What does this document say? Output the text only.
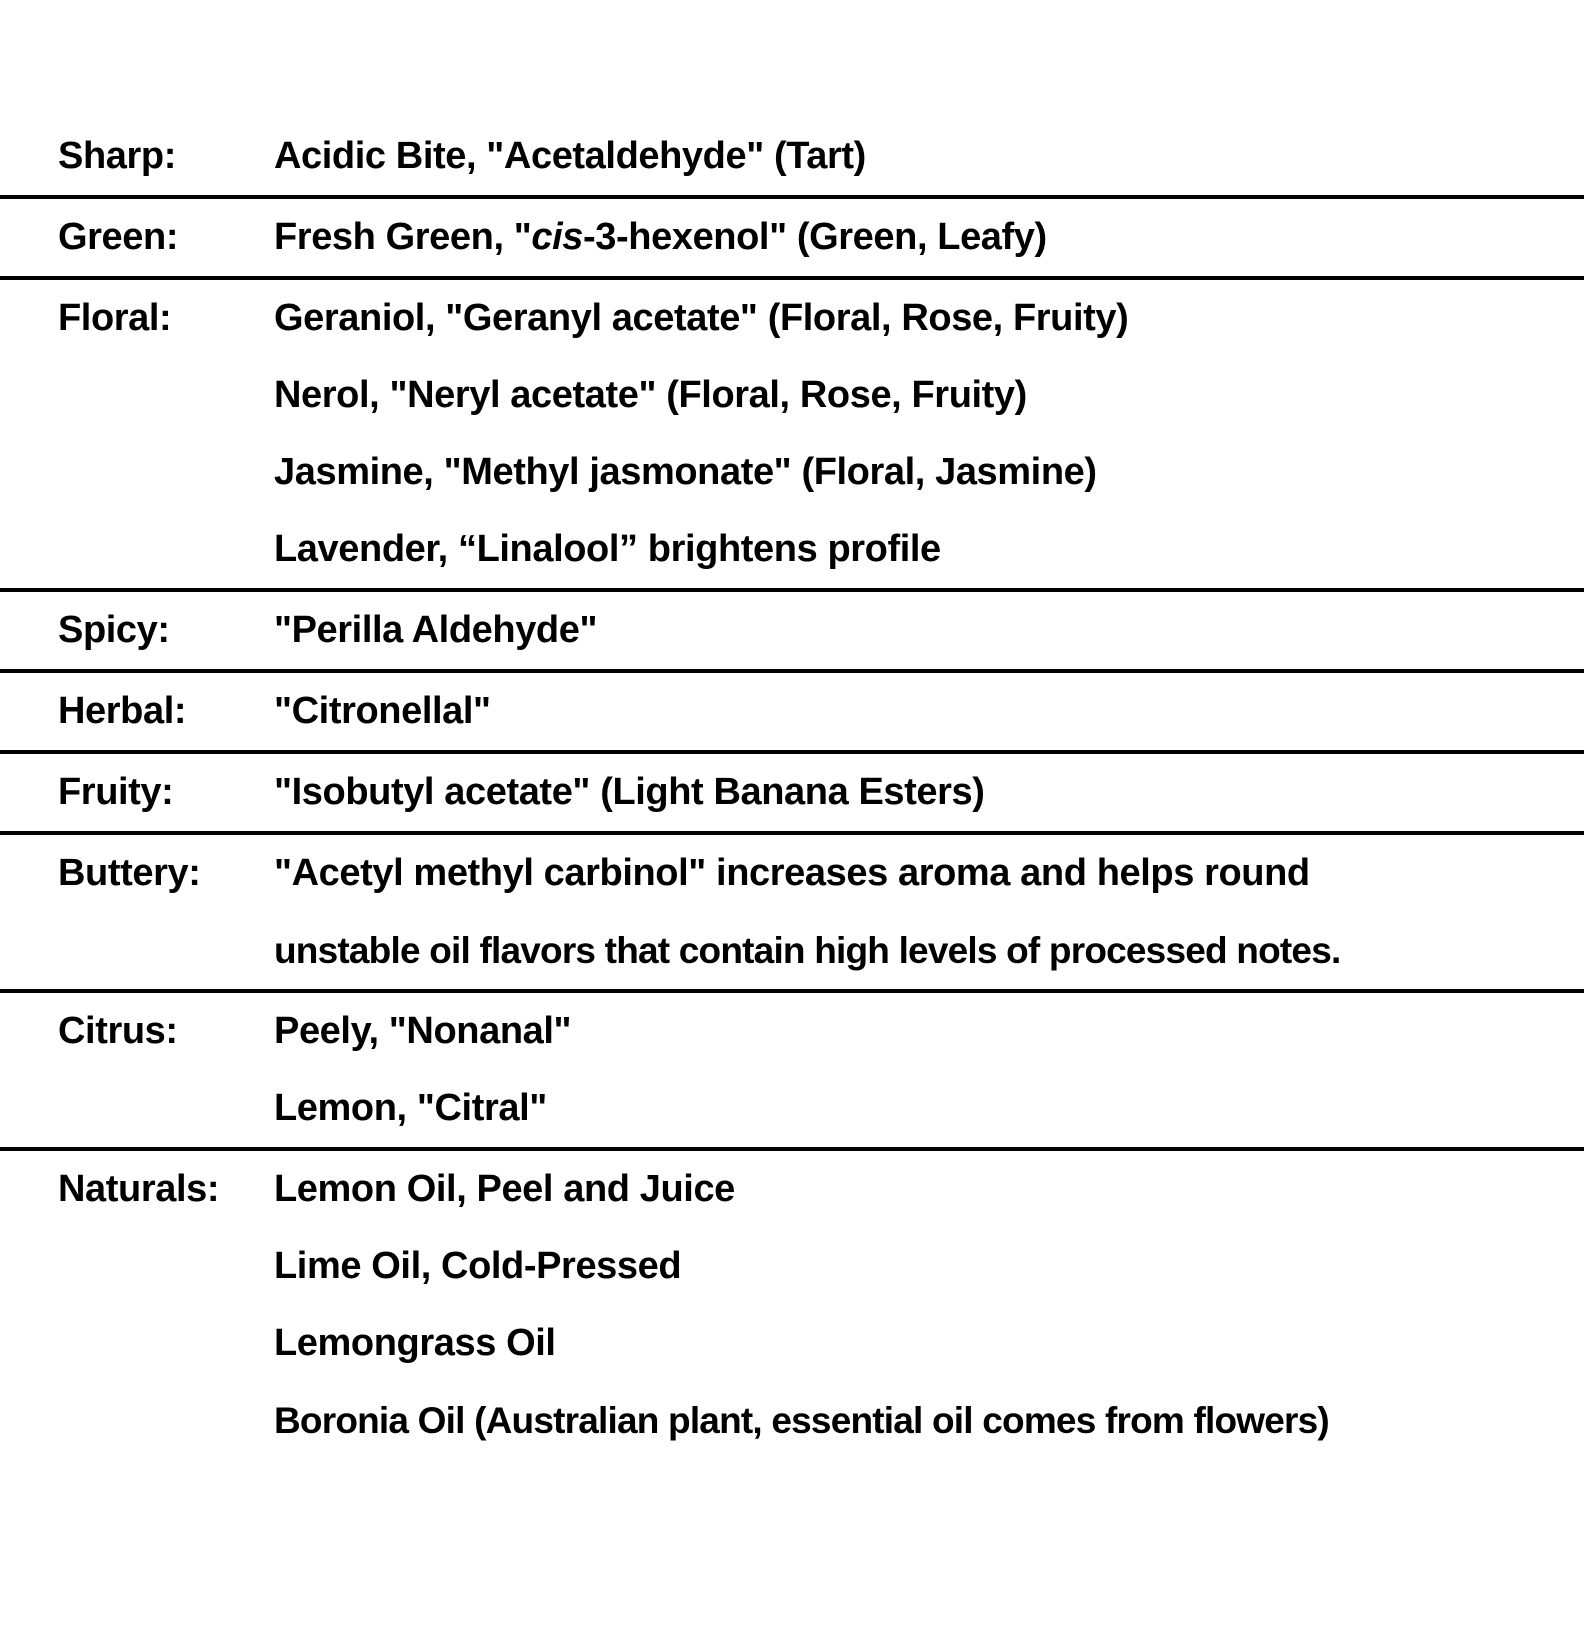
Sharp:	Acidic Bite, "Acetaldehyde" (Tart)
Green:	Fresh Green, "cis-3-hexenol" (Green, Leafy)
Floral:	Geraniol, "Geranyl acetate" (Floral, Rose, Fruity)
Nerol, "Neryl acetate" (Floral, Rose, Fruity)
Jasmine, "Methyl jasmonate" (Floral, Jasmine)
Lavender, “Linalool” brightens profile
Spicy:	"Perilla Aldehyde"
Herbal: "Citronellal"
Fruity:	"Isobutyl acetate" (Light Banana Esters)
Buttery: "Acetyl methyl carbinol" increases aroma and helps round
unstable oil flavors that contain high levels of processed notes.
Citrus:	Peely, "Nonanal"
Lemon, "Citral"
Naturals: Lemon Oil, Peel and Juice
Lime Oil, Cold-Pressed
Lemongrass Oil
Boronia Oil (Australian plant, essential oil comes from flowers)
